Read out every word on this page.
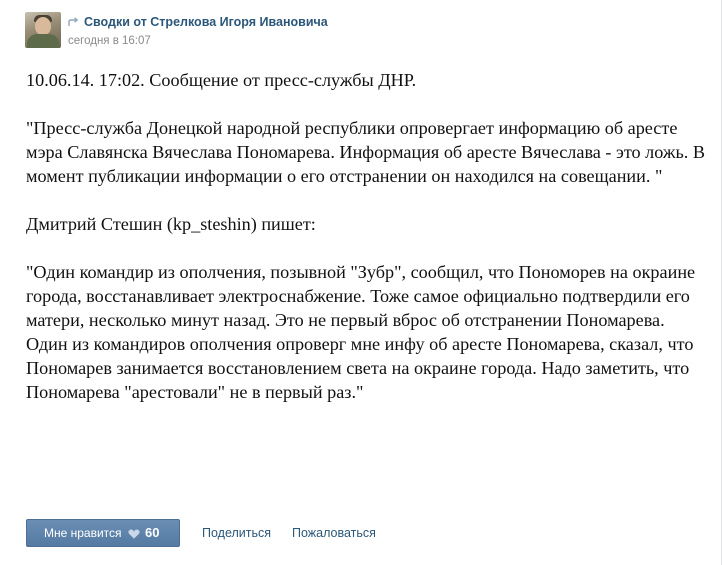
Сводки от Стрелкова Игоря Ивановича
сегодня в 16:07

10.06.14. 17:02. Сообщение от пресс-службы ДНР.

"Пресс-служба Донецкой народной республики опровергает информацию об аресте мэра Славянска Вячеслава Пономарева. Информация об аресте Вячеслава - это ложь. В момент публикации информации о его отстранении он находился на совещании. "

Дмитрий Стешин (kp_steshin) пишет:

"Один командир из ополчения, позывной "Зубр", сообщил, что Пономорев на окраине города, восстанавливает электроснабжение. Тоже самое официально подтвердили его матери, несколько минут назад. Это не первый вброс об отстранении Пономарева. Один из командиров ополчения опроверг мне инфу об аресте Пономарева, сказал, что Пономарев занимается восстановлением света на окраине города. Надо заметить, что Пономарева "арестовали" не в первый раз."

Мне нравится 60	Поделиться Пожаловаться
